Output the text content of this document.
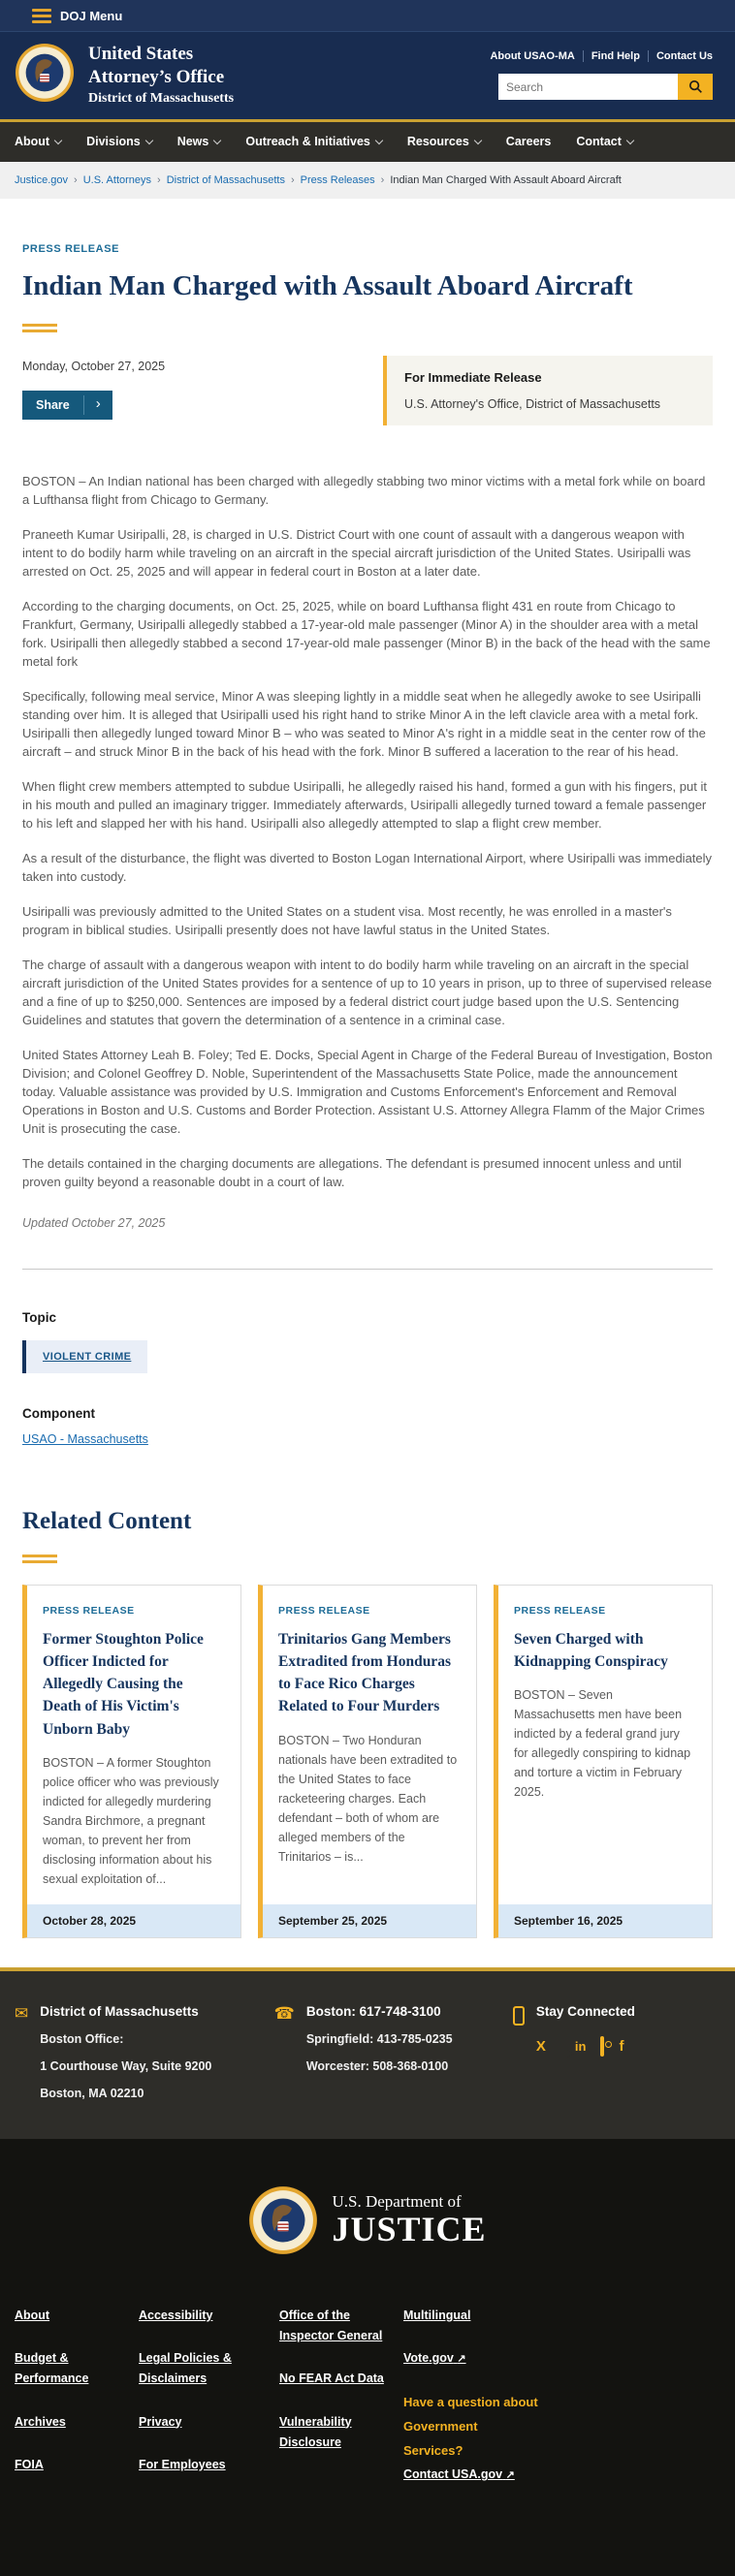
DOJ Menu
United States
Attorney’s Office
District of Massachusetts
About USAO-MA Find Help Contact Us
Search
About	Divisions	News	Outreach & Initiatives	Resources	Careers Contact
Justice.gov › U.S. Attorneys › District of Massachusetts › Press Releases › Indian Man Charged With Assault Aboard Aircraft
PRESS RELEASE
Indian Man Charged with Assault Aboard Aircraft
Monday, October 27, 2025
Share	›
For Immediate Release
U.S. Attorney's Office, District of Massachusetts

BOSTON – An Indian national has been charged with allegedly stabbing two minor victims with a metal fork while on board a Lufthansa flight from Chicago to Germany.

Praneeth Kumar Usiripalli, 28, is charged in U.S. District Court with one count of assault with a dangerous weapon with intent to do bodily harm while traveling on an aircraft in the special aircraft jurisdiction of the United States. Usiripalli was arrested on Oct. 25, 2025 and will appear in federal court in Boston at a later date.

According to the charging documents, on Oct. 25, 2025, while on board Lufthansa flight 431 en route from Chicago to Frankfurt, Germany, Usiripalli allegedly stabbed a 17-year-old male passenger (Minor A) in the shoulder area with a metal fork. Usiripalli then allegedly stabbed a second 17-year-old male passenger (Minor B) in the back of the head with the same metal fork

Specifically, following meal service, Minor A was sleeping lightly in a middle seat when he allegedly awoke to see Usiripalli standing over him. It is alleged that Usiripalli used his right hand to strike Minor A in the left clavicle area with a metal fork. Usiripalli then allegedly lunged toward Minor B – who was seated to Minor A's right in a middle seat in the center row of the aircraft – and struck Minor B in the back of his head with the fork. Minor B suffered a laceration to the rear of his head.

When flight crew members attempted to subdue Usiripalli, he allegedly raised his hand, formed a gun with his fingers, put it in his mouth and pulled an imaginary trigger. Immediately afterwards, Usiripalli allegedly turned toward a female passenger to his left and slapped her with his hand. Usiripalli also allegedly attempted to slap a flight crew member.

As a result of the disturbance, the flight was diverted to Boston Logan International Airport, where Usiripalli was immediately taken into custody.

Usiripalli was previously admitted to the United States on a student visa. Most recently, he was enrolled in a master's program in biblical studies. Usiripalli presently does not have lawful status in the United States.

The charge of assault with a dangerous weapon with intent to do bodily harm while traveling on an aircraft in the special aircraft jurisdiction of the United States provides for a sentence of up to 10 years in prison, up to three of supervised release and a fine of up to $250,000. Sentences are imposed by a federal district court judge based upon the U.S. Sentencing Guidelines and statutes that govern the determination of a sentence in a criminal case.

United States Attorney Leah B. Foley; Ted E. Docks, Special Agent in Charge of the Federal Bureau of Investigation, Boston Division; and Colonel Geoffrey D. Noble, Superintendent of the Massachusetts State Police, made the announcement today. Valuable assistance was provided by U.S. Immigration and Customs Enforcement's Enforcement and Removal Operations in Boston and U.S. Customs and Border Protection. Assistant U.S. Attorney Allegra Flamm of the Major Crimes Unit is prosecuting the case.

The details contained in the charging documents are allegations. The defendant is presumed innocent unless and until proven guilty beyond a reasonable doubt in a court of law.

Updated October 27, 2025

Topic
VIOLENT CRIME
Component
USAO - Massachusetts
Related Content
PRESS RELEASE
Former Stoughton Police Officer Indicted for Allegedly Causing the Death of His Victim's Unborn Baby

BOSTON – A former Stoughton police officer who was previously indicted for allegedly murdering Sandra Birchmore, a pregnant woman, to prevent her from disclosing information about his sexual exploitation of...

October 28, 2025
PRESS RELEASE
Trinitarios Gang Members Extradited from Honduras to Face Rico Charges Related to Four Murders

BOSTON – Two Honduran nationals have been extradited to the United States to face racketeering charges. Each defendant – both of whom are alleged members of the Trinitarios – is...

September 25, 2025
PRESS RELEASE
Seven Charged with Kidnapping Conspiracy

BOSTON – Seven Massachusetts men have been indicted by a federal grand jury for allegedly conspiring to kidnap and torture a victim in February 2025.

September 16, 2025
✉ District of Massachusetts
Boston Office:
1 Courthouse Way, Suite 9200
Boston, MA 02210
☎ Boston: 617-748-3100
Springfield: 413-785-0235
Worcester: 508-368-0100
Stay Connected
X in f
U.S. Department of
JUSTICE
About
Budget & Performance
Archives
FOIA
Accessibility
Legal Policies & Disclaimers
Privacy
For Employees
Office of the Inspector General
No FEAR Act Data
Vulnerability Disclosure
Multilingual
Vote.gov ↗
Have a question about Government Services?
Contact USA.gov ↗
